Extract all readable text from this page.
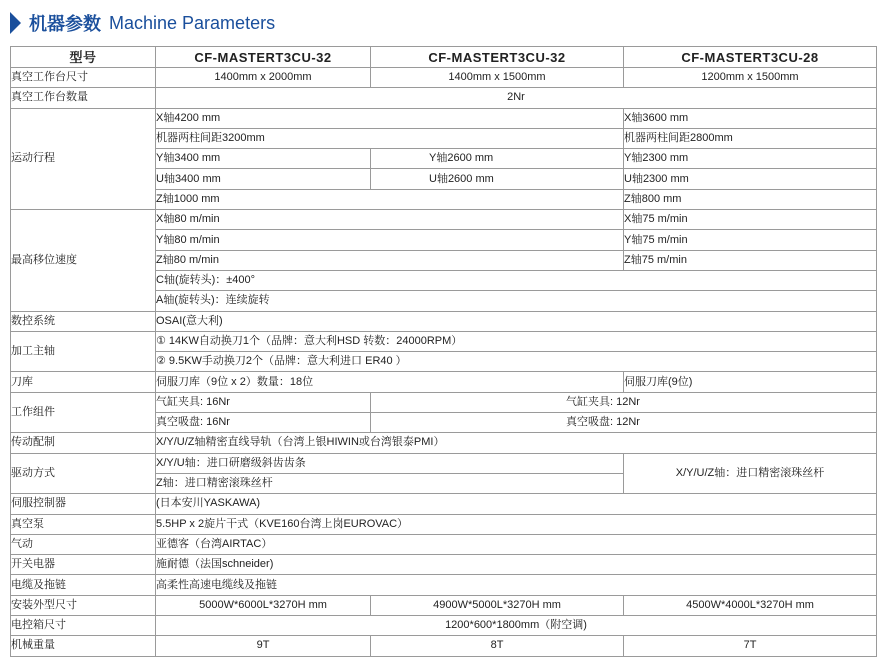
机器参数 Machine Parameters
型号	CF-MASTERT3CU-32	CF-MASTERT3CU-32	CF-MASTERT3CU-28
真空工作台尺寸	1400mm x 2000mm	1400mm x 1500mm	1200mm x 1500mm
真空工作台数量	2Nr		
运动行程	X轴4200 mm		X轴3600 mm
	机器两柱间距3200mm		机器两柱间距2800mm
	Y轴3400 mm	Y轴2600 mm	Y轴2300 mm
	U轴3400 mm	U轴2600 mm	U轴2300 mm
	Z轴1000 mm		Z轴800 mm
最高移位速度	X轴80 m/min		X轴75 m/min
	Y轴80 m/min		Y轴75 m/min
	Z轴80 m/min		Z轴75 m/min
	C轴(旋转头)：±400°		
	A轴(旋转头)：连续旋转		
数控系统	OSAI(意大利)		
加工主轴	① 14KW自动换刀1个（品牌：意大利HSD 转数：24000RPM）		
	② 9.5KW手动换刀2个（品牌：意大利进口 ER40 ）		
刀库	伺服刀库（9位 x 2）数量：18位		伺服刀库(9位)
工作组件	气缸夹具: 16Nr	气缸夹具: 12Nr	
	真空吸盘: 16Nr	真空吸盘: 12Nr	
传动配制	X/Y/U/Z轴精密直线导轨（台湾上银HIWIN或台湾银泰PMI）		
驱动方式	X/Y/U轴：进口研磨级斜齿齿条		X/Y/U/Z轴：进口精密滚珠丝杆
	Z轴：进口精密滚珠丝杆		
伺服控制器	(日本安川YASKAWA)		
真空泵	5.5HP x 2旋片干式（KVE160台湾上岗EUROVAC）		
气动	亚德客（台湾AIRTAC）		
开关电器	施耐德（法国schneider)		
电缆及拖链	高柔性高速电缆线及拖链		
安装外型尺寸	5000W*6000L*3270H mm	4900W*5000L*3270H mm	4500W*4000L*3270H mm
电控箱尺寸	1200*600*1800mm（附空调)		
机械重量	9T	8T	7T
